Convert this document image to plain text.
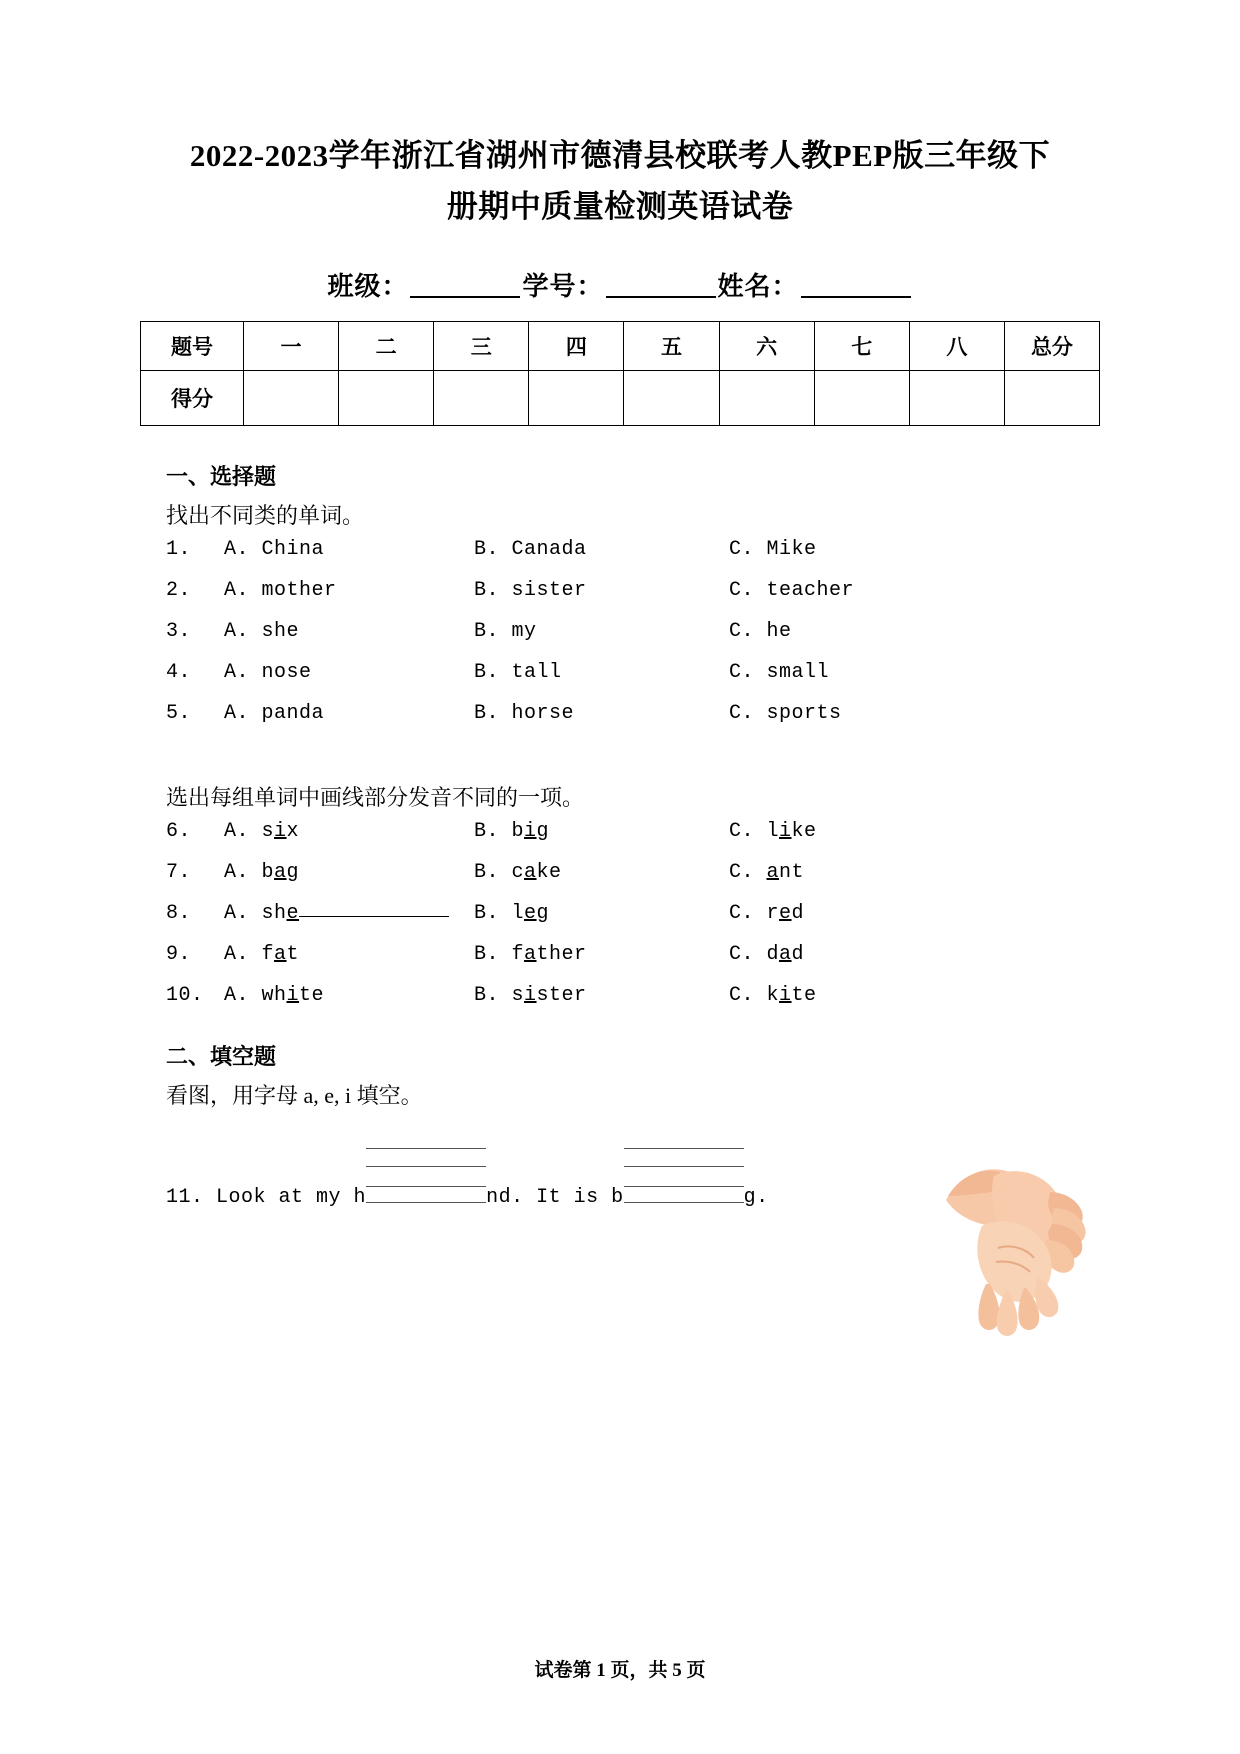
2022-2023学年浙江省湖州市德清县校联考人教PEP版三年级下
册期中质量检测英语试卷
班级：	学号：	姓名：
题号	一	二	三	四	五	六	七	八	总分
得分									
一、选择题
找出不同类的单词。
1.	A. China	B. Canada	C. Mike
2.	A. mother	B. sister	C. teacher
3.	A. she	B. my	C. he
4.	A. nose	B. tall	C. small
5.	A. panda	B. horse	C. sports
选出每组单词中画线部分发音不同的一项。
6.	A. six	B. big	C. like
7.	A. bag	B. cake	C. ant
8.	A. she	B. leg	C. red
9.	A. fat	B. father	C. dad
10.	A. white	B. sister	C. kite
二、填空题
看图，用字母 a, e, i 填空。
11. Look at my h	nd. It is b	g.
试卷第 1 页，共 5 页
